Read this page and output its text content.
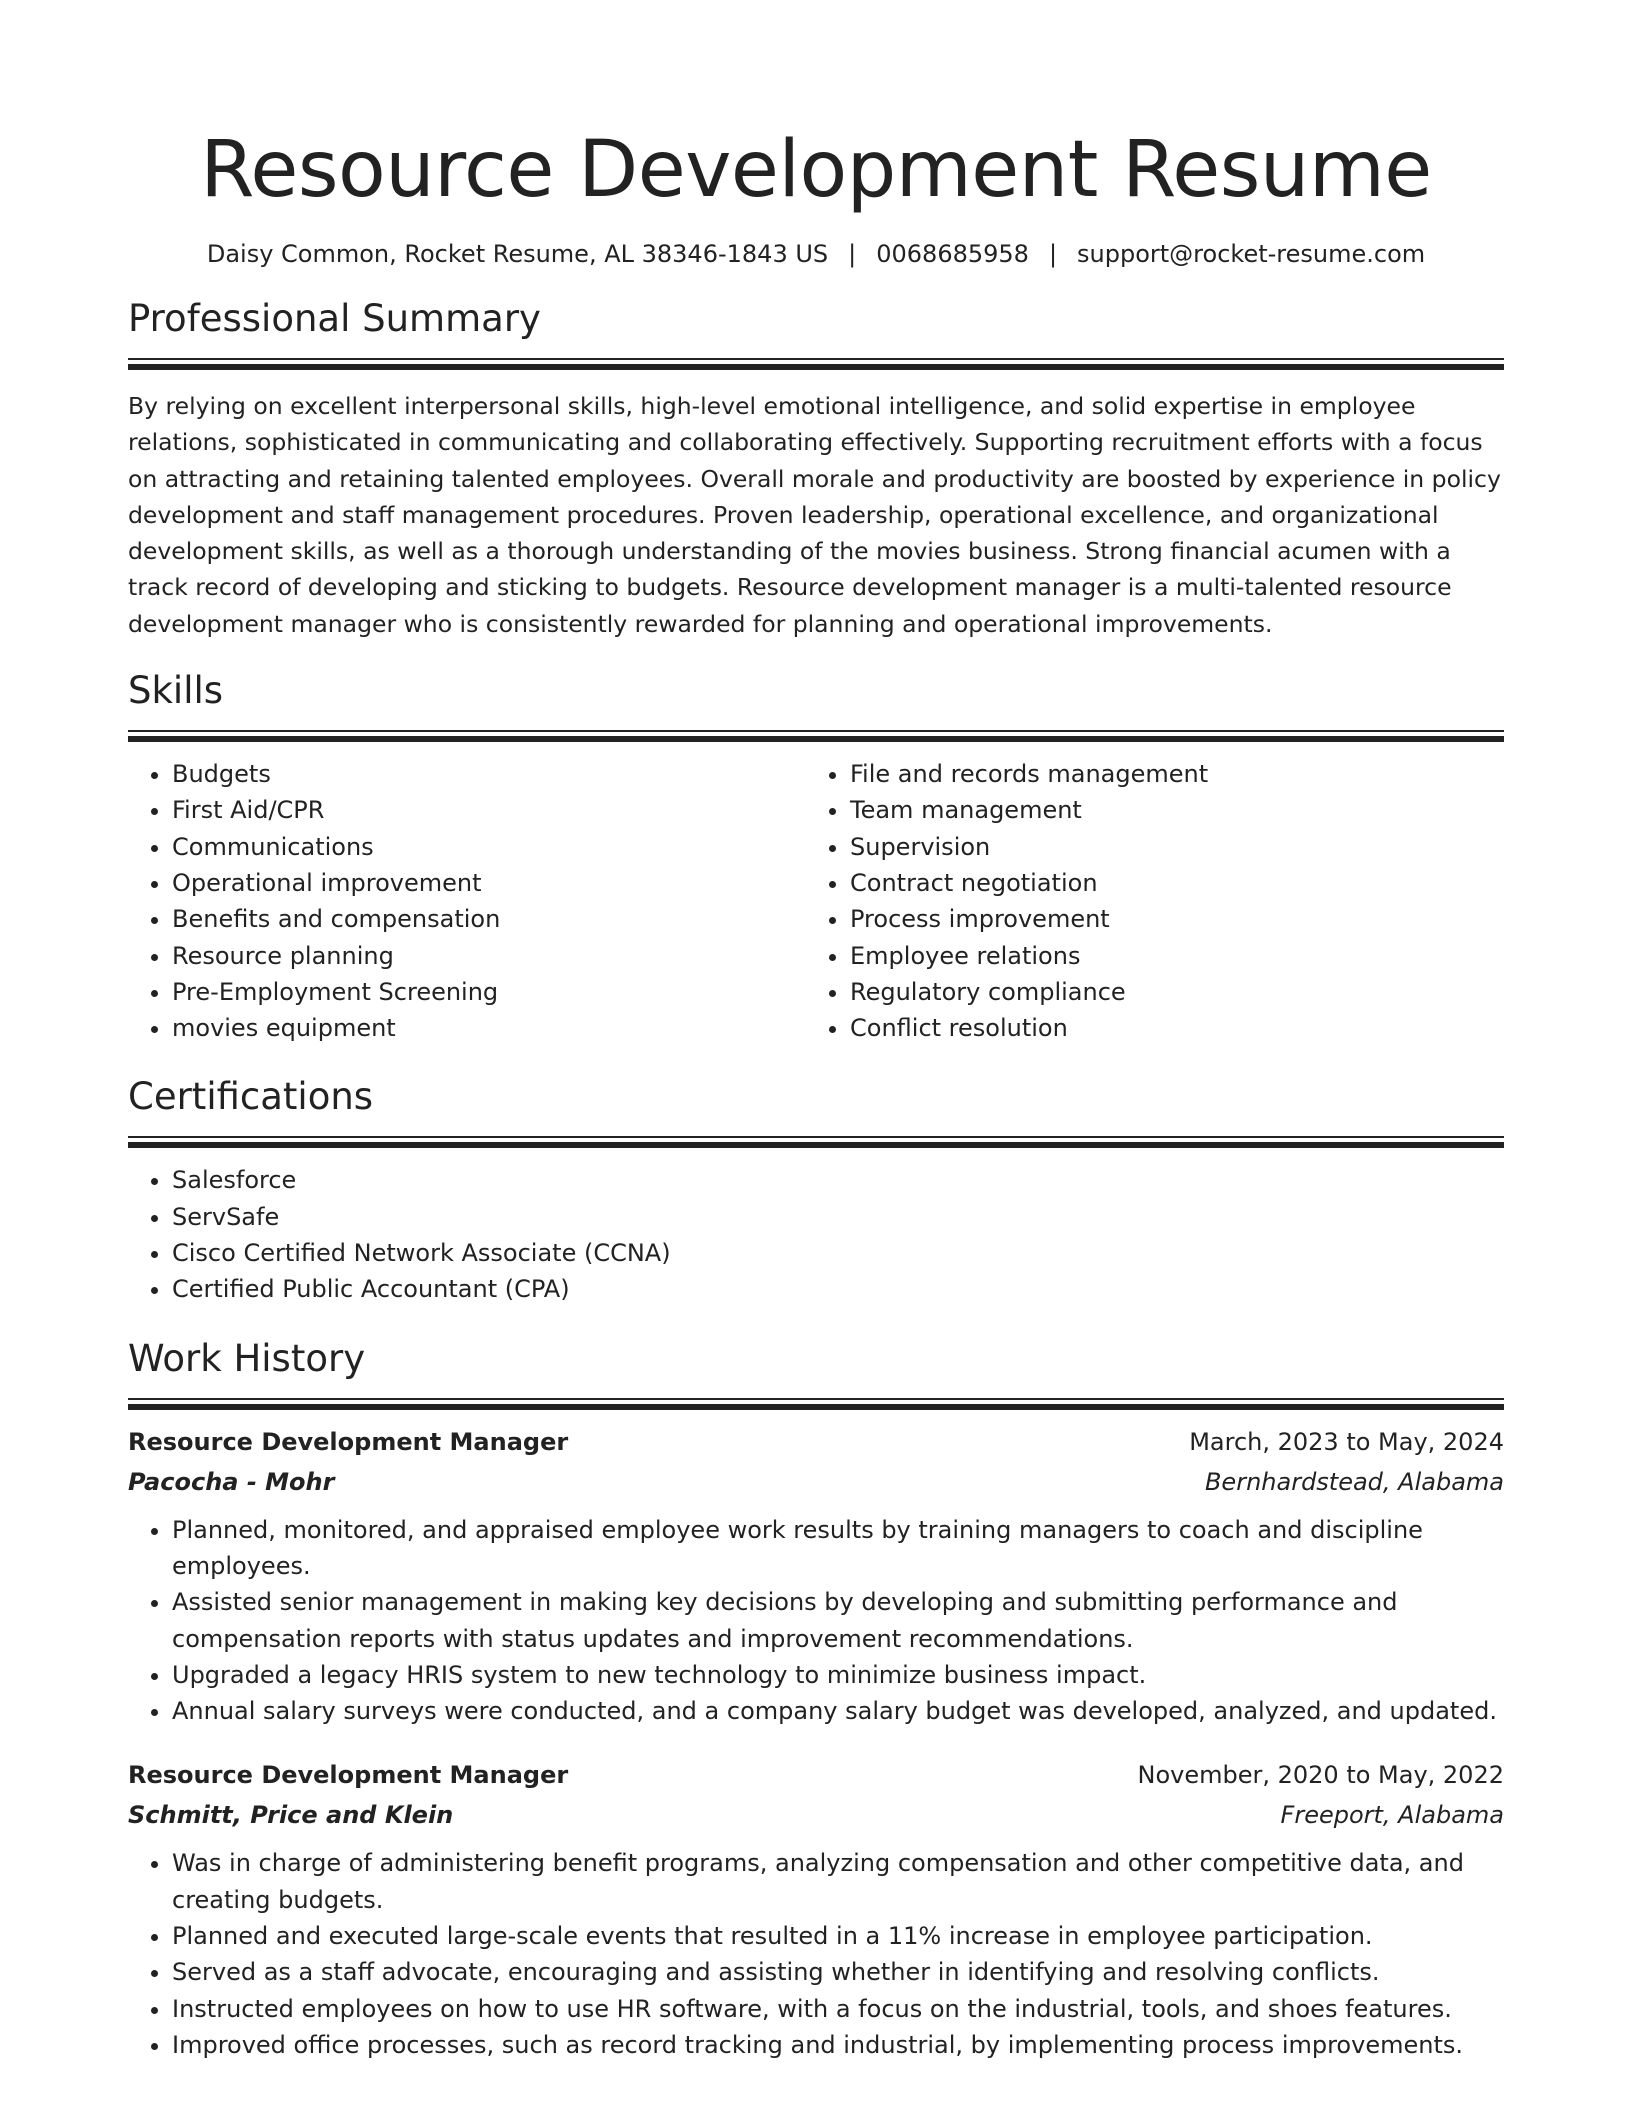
Resource Development Resume
Daisy Common, Rocket Resume, AL 38346-1843 US | 0068685958 | support@rocket-resume.com
Professional Summary
By relying on excellent interpersonal skills, high-level emotional intelligence, and solid expertise in employee relations, sophisticated in communicating and collaborating effectively. Supporting recruitment efforts with a focus on attracting and retaining talented employees. Overall morale and productivity are boosted by experience in policy development and staff management procedures. Proven leadership, operational excellence, and organizational development skills, as well as a thorough understanding of the movies business. Strong financial acumen with a track record of developing and sticking to budgets. Resource development manager is a multi-talented resource development manager who is consistently rewarded for planning and operational improvements.
Skills
• Budgets
• First Aid/CPR
• Communications
• Operational improvement
• Benefits and compensation
• Resource planning
• Pre-Employment Screening
• movies equipment
• File and records management
• Team management
• Supervision
• Contract negotiation
• Process improvement
• Employee relations
• Regulatory compliance
• Conflict resolution
Certifications
• Salesforce
• ServSafe
• Cisco Certified Network Associate (CCNA)
• Certified Public Accountant (CPA)
Work History
Resource Development Manager	March, 2023 to May, 2024
Pacocha - Mohr	Bernhardstead, Alabama
• Planned, monitored, and appraised employee work results by training managers to coach and discipline employees.
• Assisted senior management in making key decisions by developing and submitting performance and compensation reports with status updates and improvement recommendations.
• Upgraded a legacy HRIS system to new technology to minimize business impact.
• Annual salary surveys were conducted, and a company salary budget was developed, analyzed, and updated.
Resource Development Manager	November, 2020 to May, 2022
Schmitt, Price and Klein	Freeport, Alabama
• Was in charge of administering benefit programs, analyzing compensation and other competitive data, and creating budgets.
• Planned and executed large-scale events that resulted in a 11% increase in employee participation.
• Served as a staff advocate, encouraging and assisting whether in identifying and resolving conflicts.
• Instructed employees on how to use HR software, with a focus on the industrial, tools, and shoes features.
• Improved office processes, such as record tracking and industrial, by implementing process improvements.
